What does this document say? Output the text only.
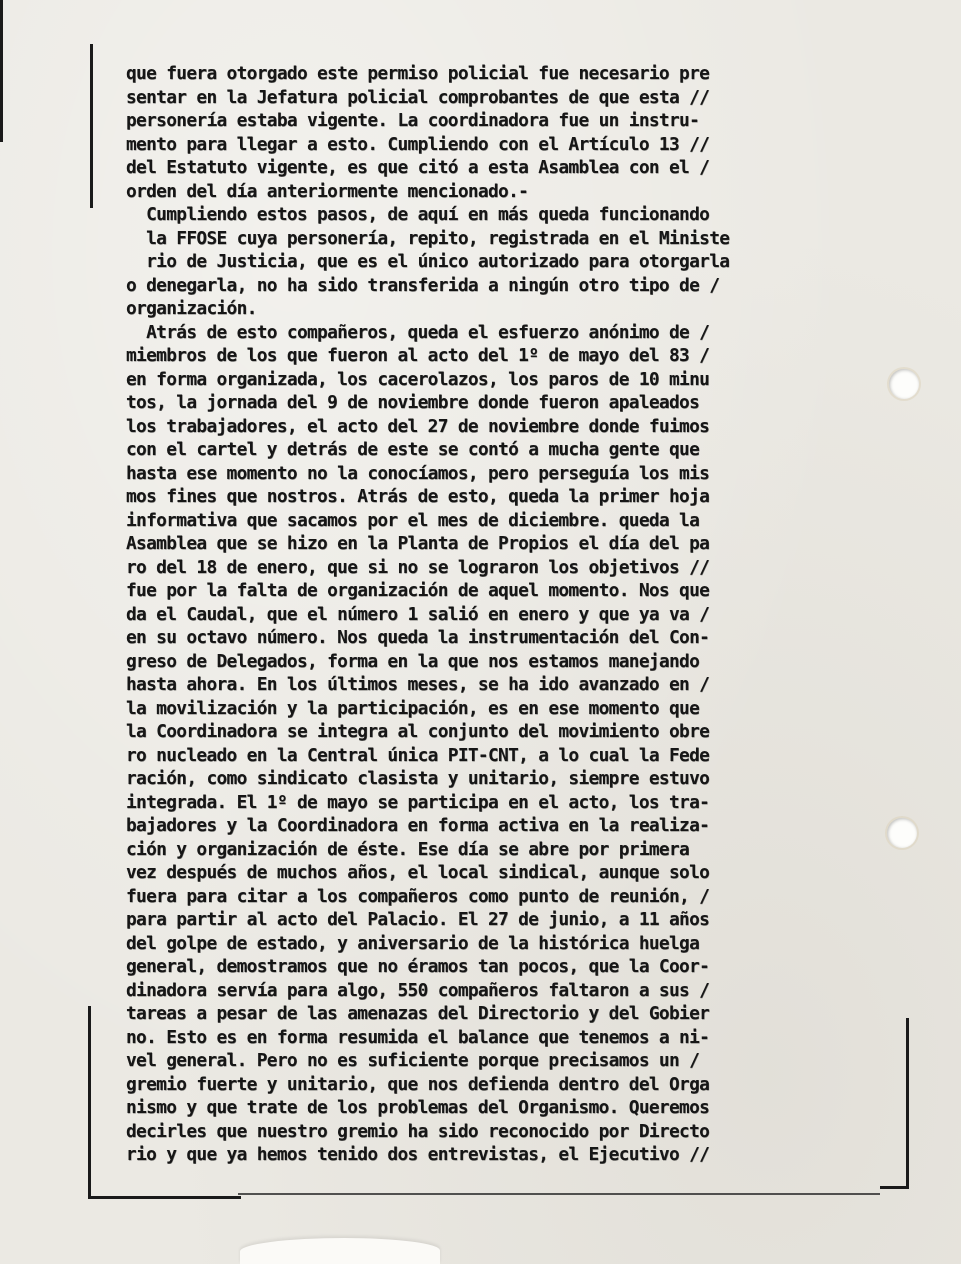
que fuera otorgado este permiso policial fue necesario pre
sentar en la Jefatura policial comprobantes de que esta //
personería estaba vigente. La coordinadora fue un instru-
mento para llegar a esto. Cumpliendo con el Artículo 13 //
del Estatuto vigente, es que citó a esta Asamblea con el /
orden del día anteriormente mencionado.-
Cumpliendo estos pasos, de aquí en más queda funcionando
la FFOSE cuya personería, repito, registrada en el Ministe
rio de Justicia, que es el único autorizado para otorgarla
o denegarla, no ha sido transferida a ningún otro tipo de /
organización.
Atrás de esto compañeros, queda el esfuerzo anónimo de /
miembros de los que fueron al acto del 1º de mayo del 83 /
en forma organizada, los cacerolazos, los paros de 10 minu
tos, la jornada del 9 de noviembre donde fueron apaleados
los trabajadores, el acto del 27 de noviembre donde fuimos
con el cartel y detrás de este se contó a mucha gente que
hasta ese momento no la conocíamos, pero perseguía los mis
mos fines que nostros. Atrás de esto, queda la primer hoja
informativa que sacamos por el mes de diciembre. queda la
Asamblea que se hizo en la Planta de Propios el día del pa
ro del 18 de enero, que si no se lograron los objetivos //
fue por la falta de organización de aquel momento. Nos que
da el Caudal, que el número 1 salió en enero y que ya va /
en su octavo número. Nos queda la instrumentación del Con-
greso de Delegados, forma en la que nos estamos manejando
hasta ahora. En los últimos meses, se ha ido avanzado en /
la movilización y la participación, es en ese momento que
la Coordinadora se integra al conjunto del movimiento obre
ro nucleado en la Central única PIT-CNT, a lo cual la Fede
ración, como sindicato clasista y unitario, siempre estuvo
integrada. El 1º de mayo se participa en el acto, los tra-
bajadores y la Coordinadora en forma activa en la realiza-
ción y organización de éste. Ese día se abre por primera
vez después de muchos años, el local sindical, aunque solo
fuera para citar a los compañeros como punto de reunión, /
para partir al acto del Palacio. El 27 de junio, a 11 años
del golpe de estado, y aniversario de la histórica huelga
general, demostramos que no éramos tan pocos, que la Coor-
dinadora servía para algo, 550 compañeros faltaron a sus /
tareas a pesar de las amenazas del Directorio y del Gobier
no. Esto es en forma resumida el balance que tenemos a ni-
vel general. Pero no es suficiente porque precisamos un /
gremio fuerte y unitario, que nos defienda dentro del Orga
nismo y que trate de los problemas del Organismo. Queremos
decirles que nuestro gremio ha sido reconocido por Directo
rio y que ya hemos tenido dos entrevistas, el Ejecutivo //
